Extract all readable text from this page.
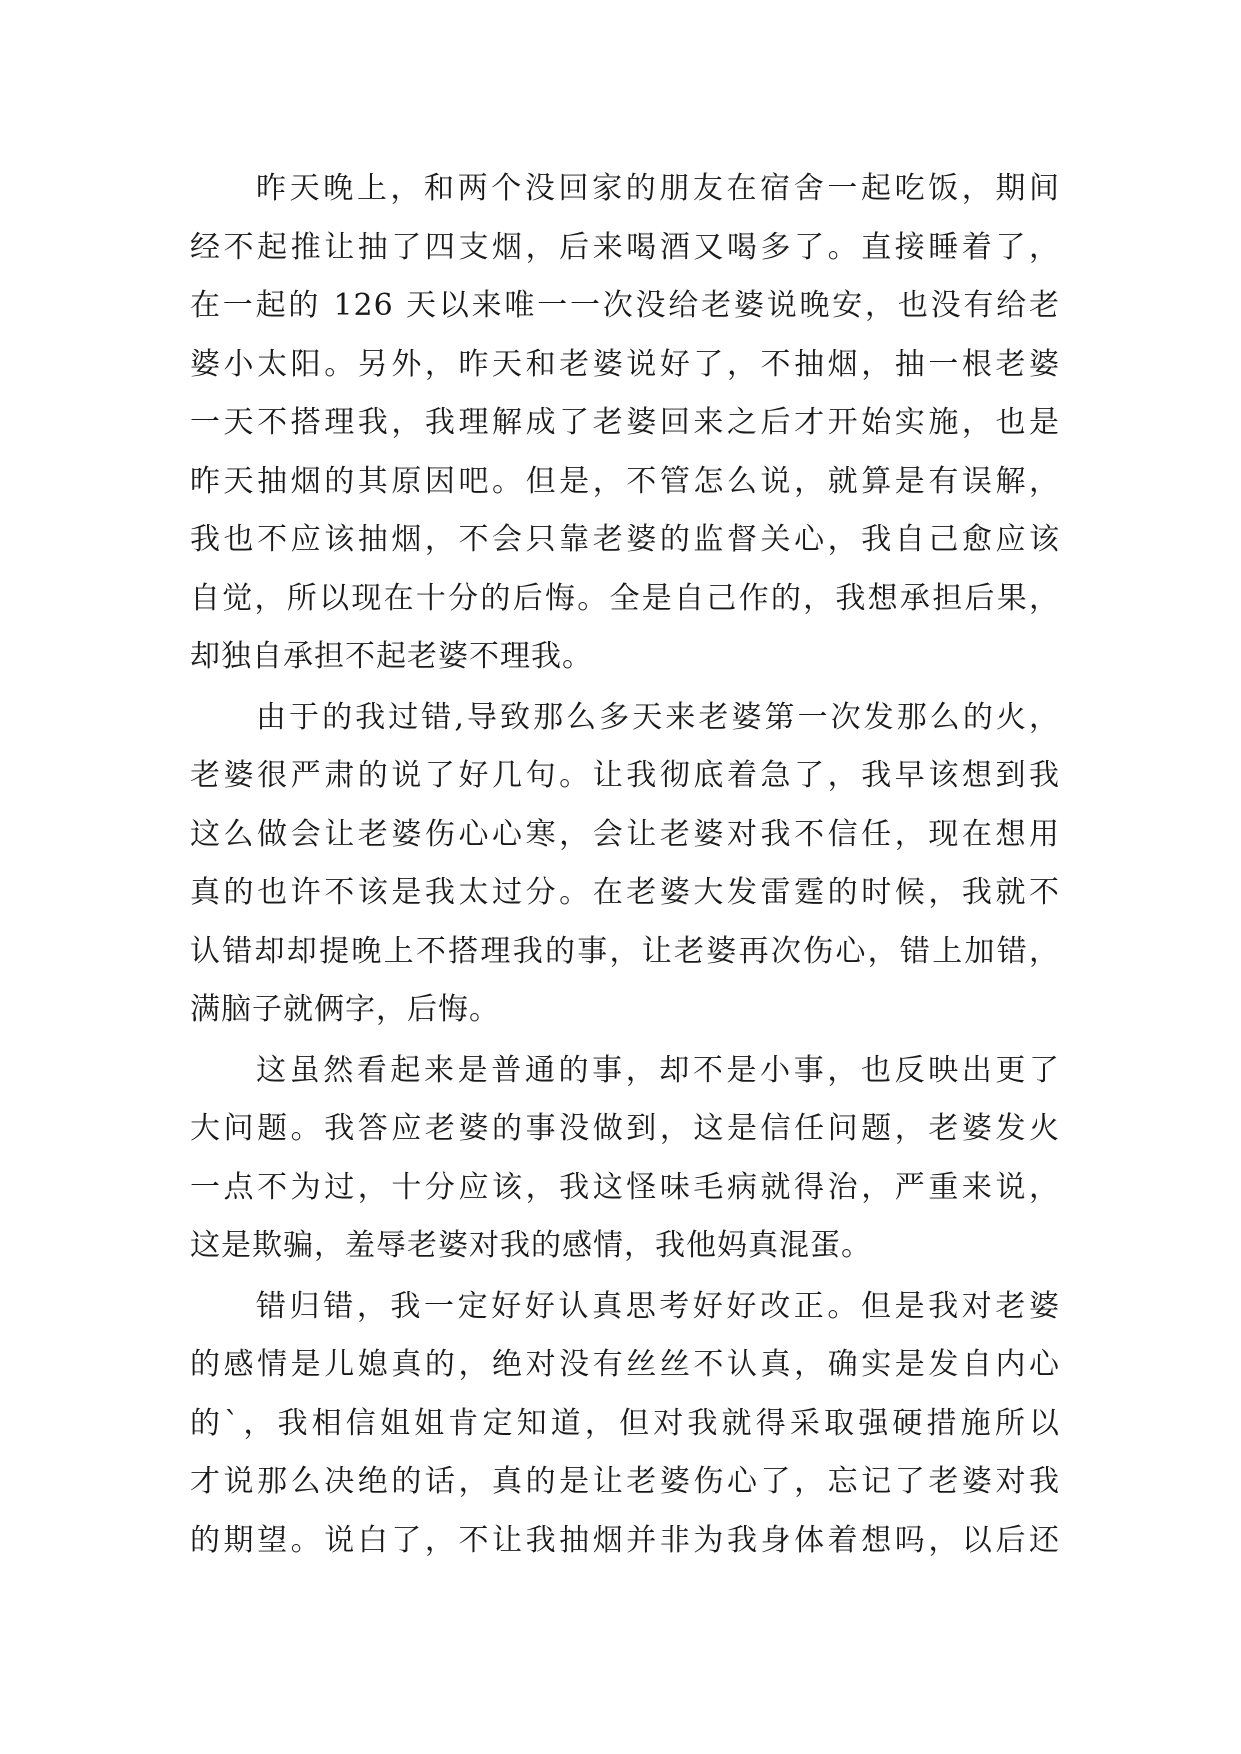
昨天晚上，和两个没回家的朋友在宿舍一起吃饭，期间
经不起推让抽了四支烟，后来喝酒又喝多了。直接睡着了，
在一起的 126 天以来唯一一次没给老婆说晚安，也没有给老
婆小太阳。另外，昨天和老婆说好了，不抽烟，抽一根老婆
一天不搭理我，我理解成了老婆回来之后才开始实施，也是
昨天抽烟的其原因吧。但是，不管怎么说，就算是有误解，
我也不应该抽烟，不会只靠老婆的监督关心，我自己愈应该
自觉，所以现在十分的后悔。全是自己作的，我想承担后果，
却独自承担不起老婆不理我。
由于的我过错,导致那么多天来老婆第一次发那么的火，
老婆很严肃的说了好几句。让我彻底着急了，我早该想到我
这么做会让老婆伤心心寒，会让老婆对我不信任，现在想用
真的也许不该是我太过分。在老婆大发雷霆的时候，我就不
认错却却提晚上不搭理我的事，让老婆再次伤心，错上加错，
满脑子就俩字，后悔。
这虽然看起来是普通的事，却不是小事，也反映出更了
大问题。我答应老婆的事没做到，这是信任问题，老婆发火
一点不为过，十分应该，我这怪味毛病就得治，严重来说，
这是欺骗，羞辱老婆对我的感情，我他妈真混蛋。
错归错，我一定好好认真思考好好改正。但是我对老婆
的感情是儿媳真的，绝对没有丝丝不认真，确实是发自内心
的`，我相信姐姐肯定知道，但对我就得采取强硬措施所以
才说那么决绝的话，真的是让老婆伤心了，忘记了老婆对我
的期望。说白了，不让我抽烟并非为我身体着想吗，以后还
